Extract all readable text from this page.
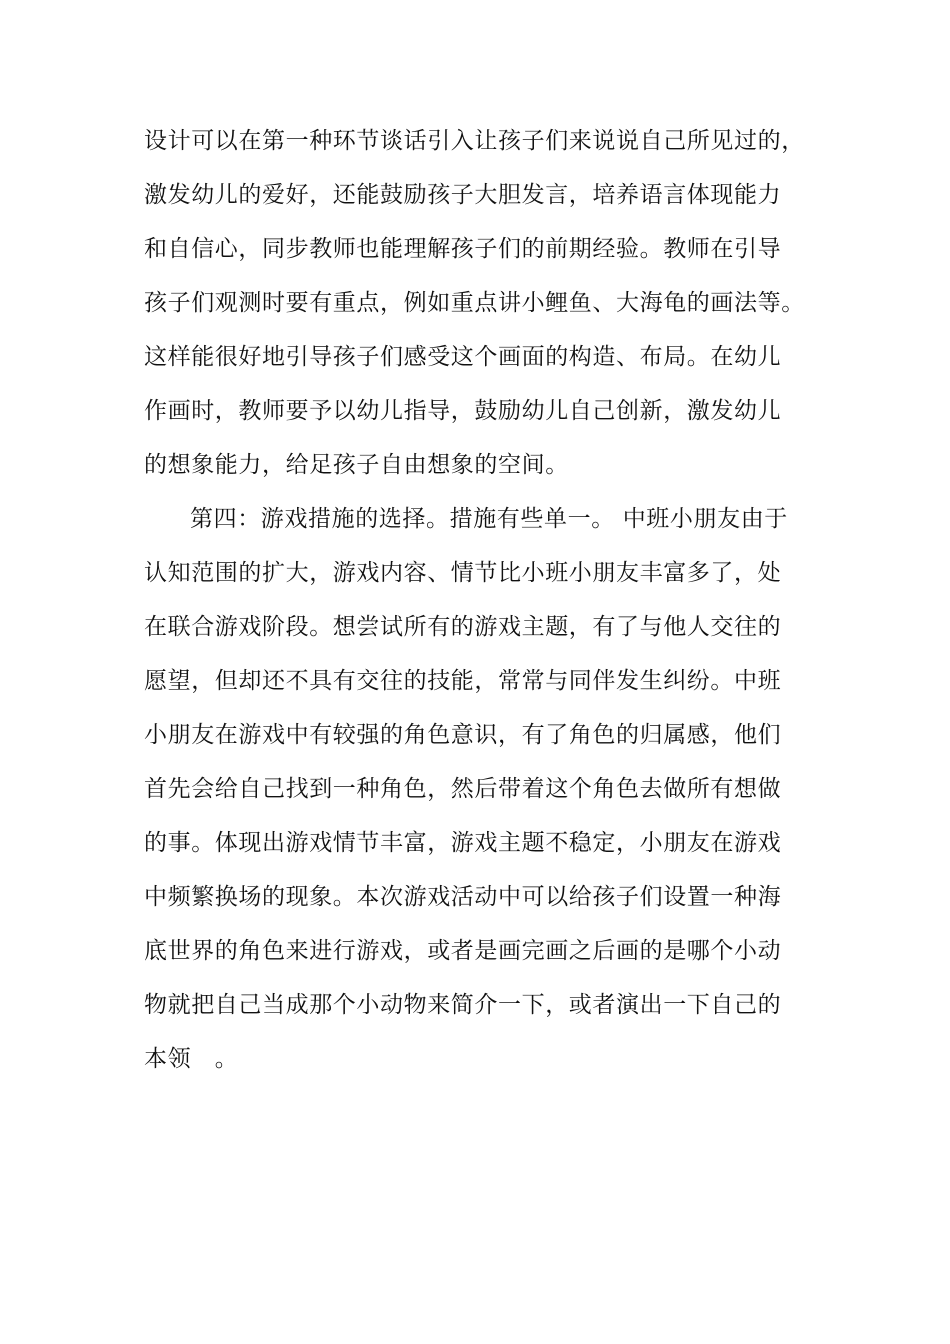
设计可以在第一种环节谈话引入让孩子们来说说自己所见过的，
激发幼儿的爱好，还能鼓励孩子大胆发言，培养语言体现能力
和自信心，同步教师也能理解孩子们的前期经验。教师在引导
孩子们观测时要有重点，例如重点讲小鲤鱼、大海龟的画法等。
这样能很好地引导孩子们感受这个画面的构造、布局。在幼儿
作画时，教师要予以幼儿指导，鼓励幼儿自己创新，激发幼儿
的想象能力，给足孩子自由想象的空间。
第四：游戏措施的选择。措施有些单一。 中班小朋友由于
认知范围的扩大，游戏内容、情节比小班小朋友丰富多了，处
在联合游戏阶段。想尝试所有的游戏主题，有了与他人交往的
愿望，但却还不具有交往的技能，常常与同伴发生纠纷。中班
小朋友在游戏中有较强的角色意识，有了角色的归属感，他们
首先会给自己找到一种角色，然后带着这个角色去做所有想做
的事。体现出游戏情节丰富，游戏主题不稳定，小朋友在游戏
中频繁换场的现象。本次游戏活动中可以给孩子们设置一种海
底世界的角色来进行游戏，或者是画完画之后画的是哪个小动
物就把自己当成那个小动物来简介一下，或者演出一下自己的
本领　。
